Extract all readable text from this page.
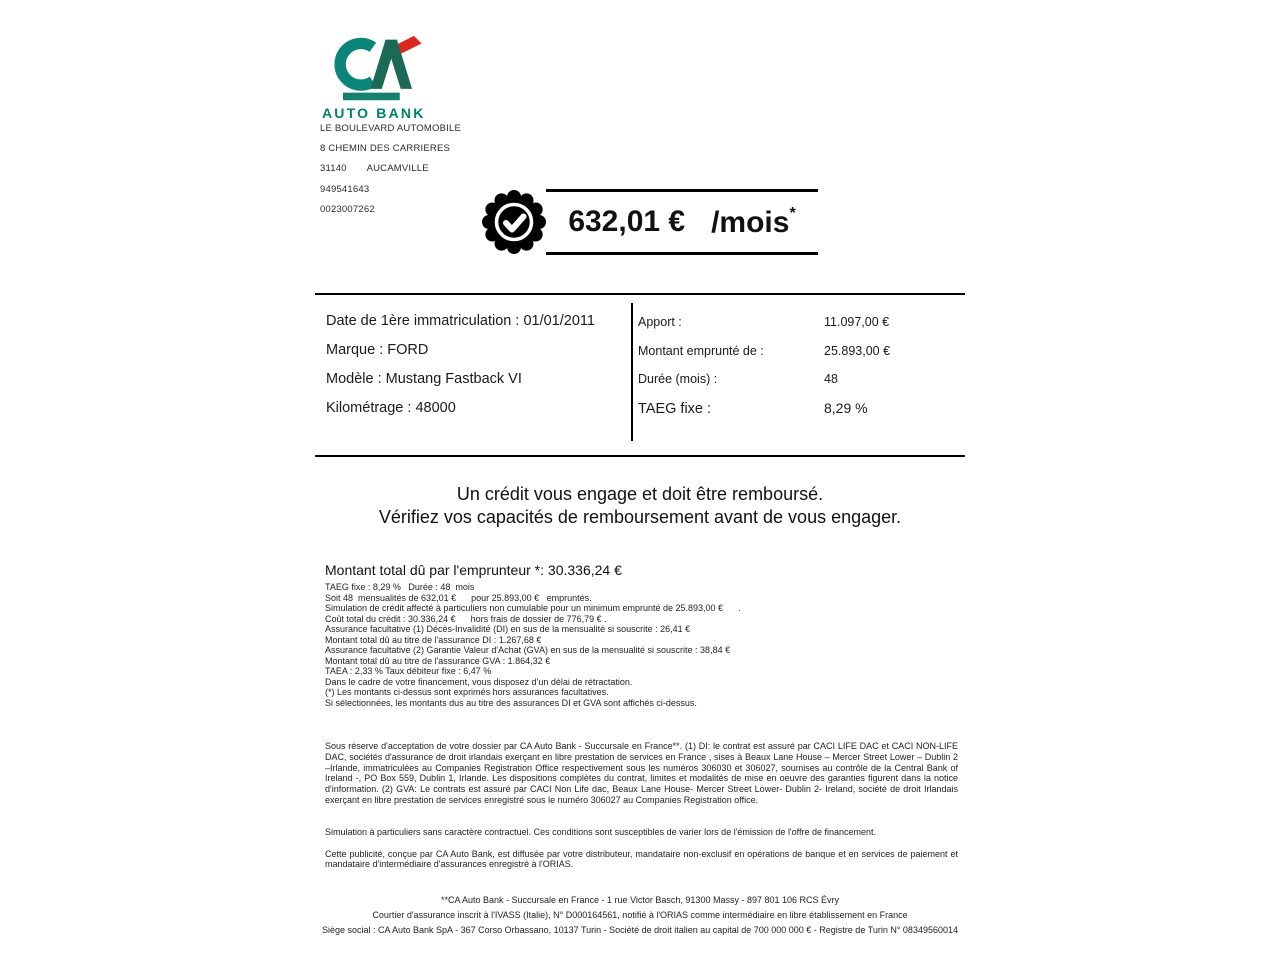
AUTO BANK
LE BOULEVARD AUTOMOBILE
8 CHEMIN DES CARRIERES
31140       AUCAMVILLE
949541643
0023007262	632,01 € /mois*
Date de 1ère immatriculation : 01/01/2011
Marque : FORD
Modèle : Mustang Fastback VI
Kilométrage : 48000
Apport :	11.097,00 €
Montant emprunté de :	25.893,00 €
Durée (mois) :	48
TAEG fixe :	8,29 %
Un crédit vous engage et doit être remboursé.
Vérifiez vos capacités de remboursement avant de vous engager.
Montant total dû par l'emprunteur *: 30.336,24 €
TAEG fixe : 8,29 %   Durée : 48  mois
Soit 48  mensualités de 632,01 €      pour 25.893,00 €   empruntés.
Simulation de crédit affecté à particuliers non cumulable pour un minimum emprunté de 25.893,00 €      .
Coût total du crédit : 30.336,24 €      hors frais de dossier de 776,79 € .
Assurance facultative (1) Décès-Invalidité (DI) en sus de la mensualité si souscrite : 26,41 €
Montant total dû au titre de l'assurance DI : 1.267,68 €
Assurance facultative (2) Garantie Valeur d'Achat (GVA) en sus de la mensualité si souscrite : 38,84 €
Montant total dû au titre de l'assurance GVA : 1.864,32 €
TAEA : 2,33 % Taux débiteur fixe : 6,47 %
Dans le cadre de votre financement, vous disposez d'un délai de rétractation.
(*) Les montants ci-dessus sont exprimés hors assurances facultatives.
Si sélectionnées, les montants dus au titre des assurances DI et GVA sont affichés ci-dessus.

Sous réserve d'acceptation de votre dossier par CA Auto Bank - Succursale en France**. (1) DI: le contrat est assuré par CACI LIFE DAC et CACI NON-LIFE DAC, sociétés d'assurance de droit irlandais exerçant en libre prestation de services en France , sises à Beaux Lane House – Mercer Street Lower – Dublin 2 –Irlande, immatriculées au Companies Registration Office respectivement sous les numéros 306030 et 306027, soumises au contrôle de la Central Bank of Ireland -, PO Box 559, Dublin 1, Irlande. Les dispositions complètes du contrat, limites et modalités de mise en oeuvre des garanties figurent dans la notice d'information. (2) GVA: Le contrats est assuré par CACI Non Life dac, Beaux Lane House- Mercer Street Lower- Dublin 2- Ireland, société de droit Irlandais exerçant en libre prestation de services enregistré sous le numéro 306027 au Companies Registration office.

Simulation à particuliers sans caractère contractuel. Ces conditions sont susceptibles de varier lors de l'émission de l'offre de financement.

Cette publicité, conçue par CA Auto Bank, est diffusée par votre distributeur, mandataire non-exclusif en opérations de banque et en services de paiement et mandataire d'intermédiaire d'assurances enregistré à l'ORIAS.

**CA Auto Bank - Succursale en France - 1 rue Victor Basch, 91300 Massy - 897 801 106 RCS Évry
Courtier d'assurance inscrit à l'IVASS (Italie), N° D000164561, notifié à l'ORIAS comme intermédiaire en libre établissement en France
Siège social : CA Auto Bank SpA - 367 Corso Orbassano, 10137 Turin - Société de droit italien au capital de 700 000 000 € - Registre de Turin N° 08349560014
